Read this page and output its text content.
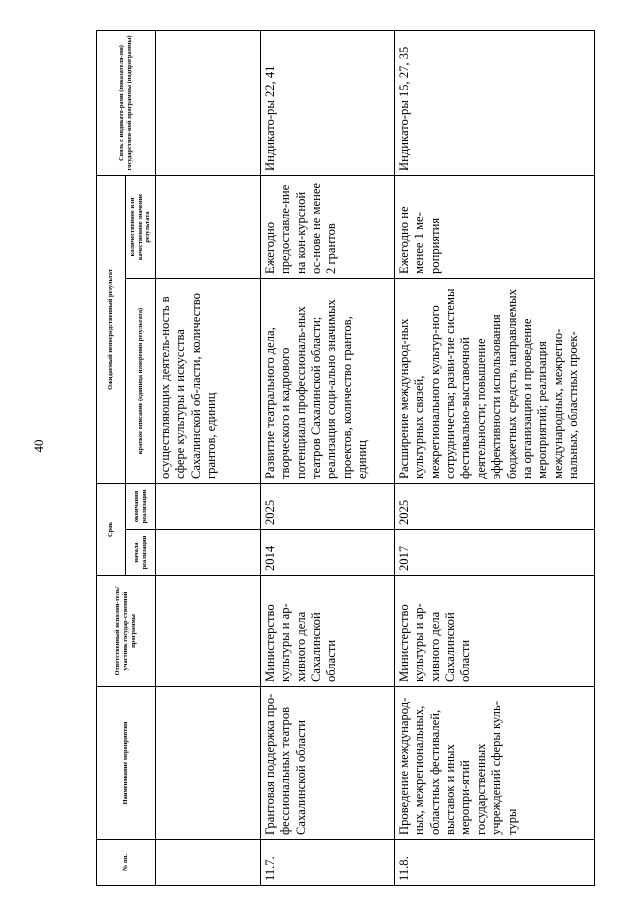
40
№ пп.	Наименование мероприятия	Ответственный исполни-тель/участник государ-ственной программы	Срок		Ожидаемый непосредственный результат		Связь с индикато-рами (показателя-ми) государствен-ной программы (подпрограммы)
			начала реализации	окончания реализации	краткое описание (единица измерения результата)	количественное или качественное значение результата	
					осуществляющих деятель-ность в сфере культуры и искусства Сахалинской об-ласти, количество грантов, единиц		
11.7.	Грантовая поддержка про-фессиональных театров Сахалинской области	Министерство культуры и ар-хивного дела Сахалинской области	2014	2025	Развитие театрального дела, творческого и кадрового потенциала профессиональ-ных театров Сахалинской области; реализация соци-ально значимых проектов, количество грантов, единиц	Ежегодно предоставле-ние на кон-курсной ос-нове не менее 2 грантов	Индикато-ры 22, 41
11.8.	Проведение международ-ных, межрегиональных, областных фестивалей, выставок и иных меропри-ятий государственных учреждений сферы куль-туры	Министерство культуры и ар-хивного дела Сахалинской области	2017	2025	Расширение международ-ных культурных связей, межрегионального культур-ного сотрудничества; разви-тие системы фестивально-выставочной деятельности; повышение эффективности использования бюджетных средств, направляемых на организацию и проведение мероприятий; реализация международных, межрегио-нальных, областных проек-	Ежегодно не менее 1 ме-роприятия	Индикато-ры 15, 27, 35
